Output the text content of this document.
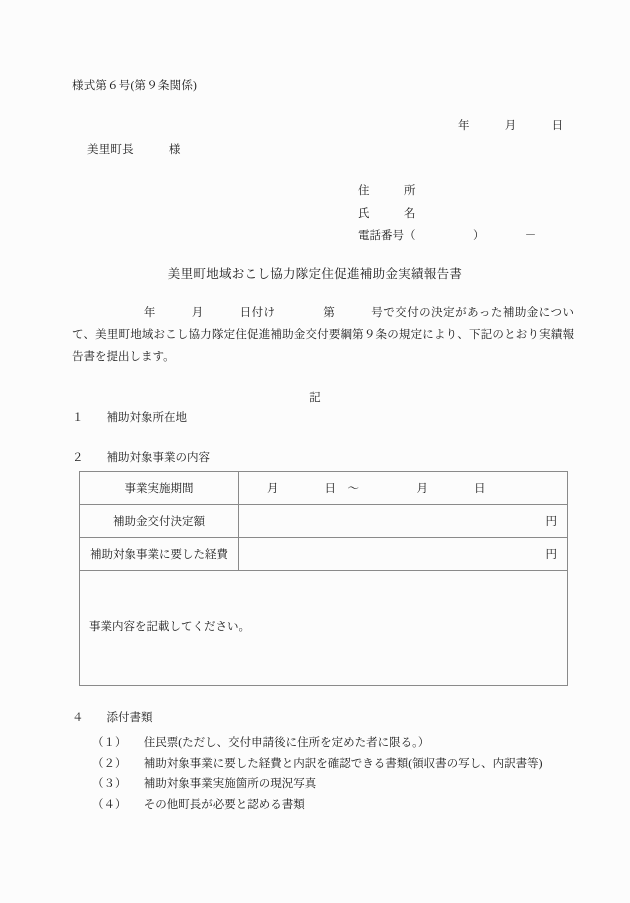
様式第６号(第９条関係)
年　　　月　　　日
美里町長　　　様
住　　　所
氏　　　名
電話番号（　　　　　）　　　　－
美里町地域おこし協力隊定住促進補助金実績報告書
　　　　　　年　　　月　　　日付け　　　　第　　　号で交付の決定があった補助金について、美里町地域おこし協力隊定住促進補助金交付要綱第９条の規定により、下記のとおり実績報告書を提出します。
記
１　　補助対象所在地
２　　補助対象事業の内容
事業実施期間	月　　　　日　～　　　　　月　　　　日
補助金交付決定額	円
補助対象事業に要した経費	円
事業内容を記載してください。	
４　　添付書類
（１）　　住民票(ただし、交付申請後に住所を定めた者に限る。）
（２）　　補助対象事業に要した経費と内訳を確認できる書類(領収書の写し、内訳書等)
（３）　　補助対象事業実施箇所の現況写真
（４）　　その他町長が必要と認める書類
